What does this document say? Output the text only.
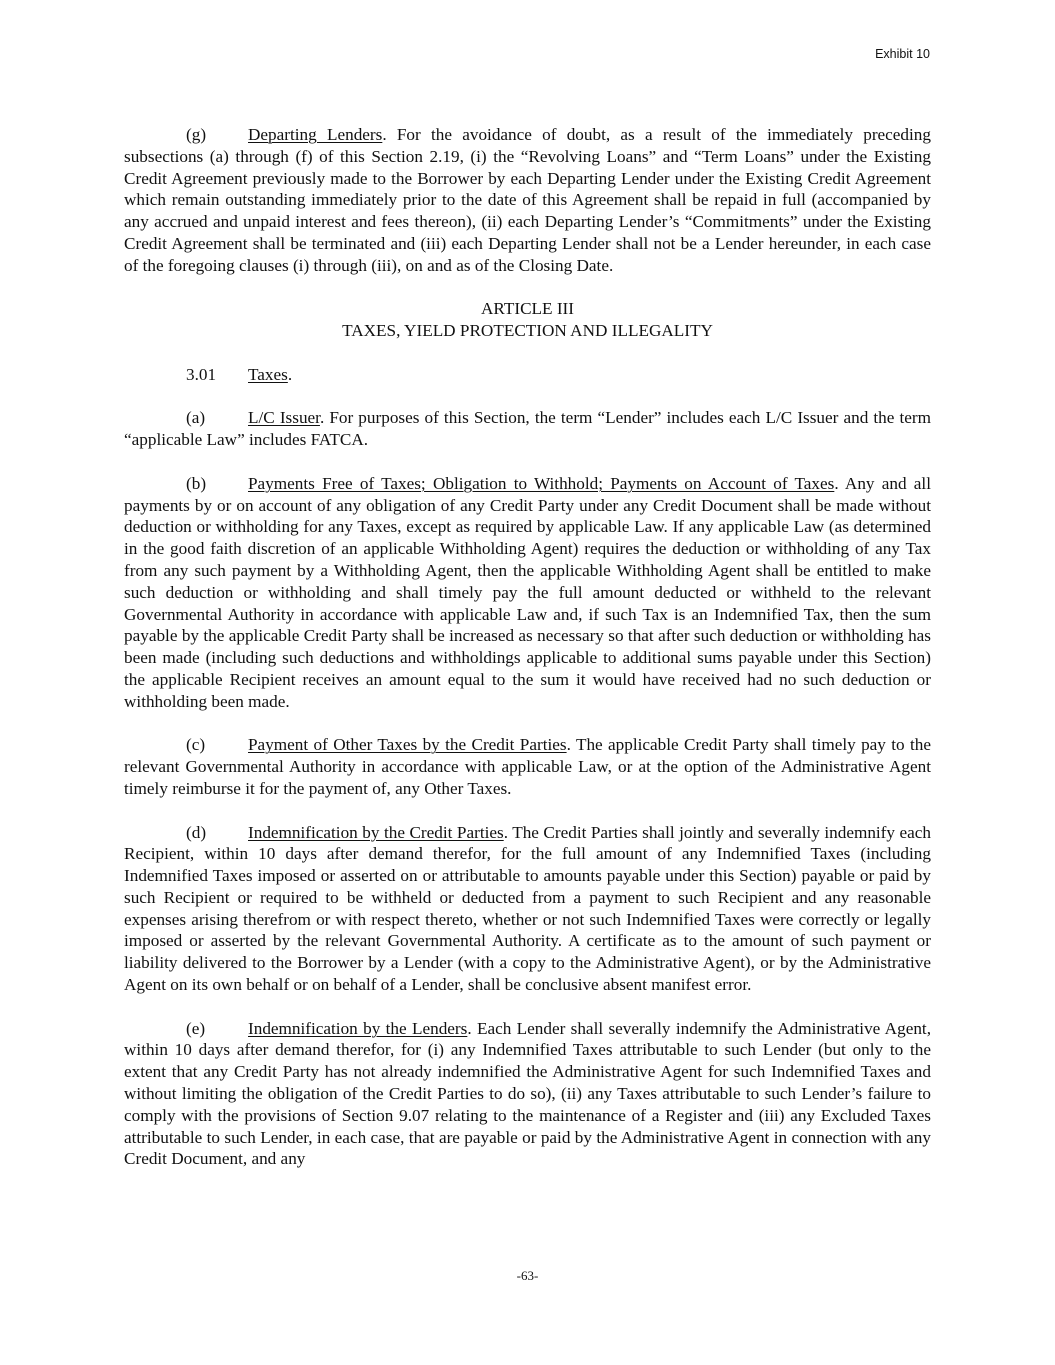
Exhibit 10

(g) Departing Lenders. For the avoidance of doubt, as a result of the immediately preceding subsections (a) through (f) of this Section 2.19, (i) the “Revolving Loans” and “Term Loans” under the Existing Credit Agreement previously made to the Borrower by each Departing Lender under the Existing Credit Agreement which remain outstanding immediately prior to the date of this Agreement shall be repaid in full (accompanied by any accrued and unpaid interest and fees thereon), (ii) each Departing Lender’s “Commitments” under the Existing Credit Agreement shall be terminated and (iii) each Departing Lender shall not be a Lender hereunder, in each case of the foregoing clauses (i) through (iii), on and as of the Closing Date.

ARTICLE III
TAXES, YIELD PROTECTION AND ILLEGALITY

3.01 Taxes.

(a) L/C Issuer. For purposes of this Section, the term “Lender” includes each L/C Issuer and the term “applicable Law” includes FATCA.

(b) Payments Free of Taxes; Obligation to Withhold; Payments on Account of Taxes. Any and all payments by or on account of any obligation of any Credit Party under any Credit Document shall be made without deduction or withholding for any Taxes, except as required by applicable Law. If any applicable Law (as determined in the good faith discretion of an applicable Withholding Agent) requires the deduction or withholding of any Tax from any such payment by a Withholding Agent, then the applicable Withholding Agent shall be entitled to make such deduction or withholding and shall timely pay the full amount deducted or withheld to the relevant Governmental Authority in accordance with applicable Law and, if such Tax is an Indemnified Tax, then the sum payable by the applicable Credit Party shall be increased as necessary so that after such deduction or withholding has been made (including such deductions and withholdings applicable to additional sums payable under this Section) the applicable Recipient receives an amount equal to the sum it would have received had no such deduction or withholding been made.

(c) Payment of Other Taxes by the Credit Parties. The applicable Credit Party shall timely pay to the relevant Governmental Authority in accordance with applicable Law, or at the option of the Administrative Agent timely reimburse it for the payment of, any Other Taxes.

(d) Indemnification by the Credit Parties. The Credit Parties shall jointly and severally indemnify each Recipient, within 10 days after demand therefor, for the full amount of any Indemnified Taxes (including Indemnified Taxes imposed or asserted on or attributable to amounts payable under this Section) payable or paid by such Recipient or required to be withheld or deducted from a payment to such Recipient and any reasonable expenses arising therefrom or with respect thereto, whether or not such Indemnified Taxes were correctly or legally imposed or asserted by the relevant Governmental Authority. A certificate as to the amount of such payment or liability delivered to the Borrower by a Lender (with a copy to the Administrative Agent), or by the Administrative Agent on its own behalf or on behalf of a Lender, shall be conclusive absent manifest error.

(e) Indemnification by the Lenders. Each Lender shall severally indemnify the Administrative Agent, within 10 days after demand therefor, for (i) any Indemnified Taxes attributable to such Lender (but only to the extent that any Credit Party has not already indemnified the Administrative Agent for such Indemnified Taxes and without limiting the obligation of the Credit Parties to do so), (ii) any Taxes attributable to such Lender’s failure to comply with the provisions of Section 9.07 relating to the maintenance of a Register and (iii) any Excluded Taxes attributable to such Lender, in each case, that are payable or paid by the Administrative Agent in connection with any Credit Document, and any

-63-
